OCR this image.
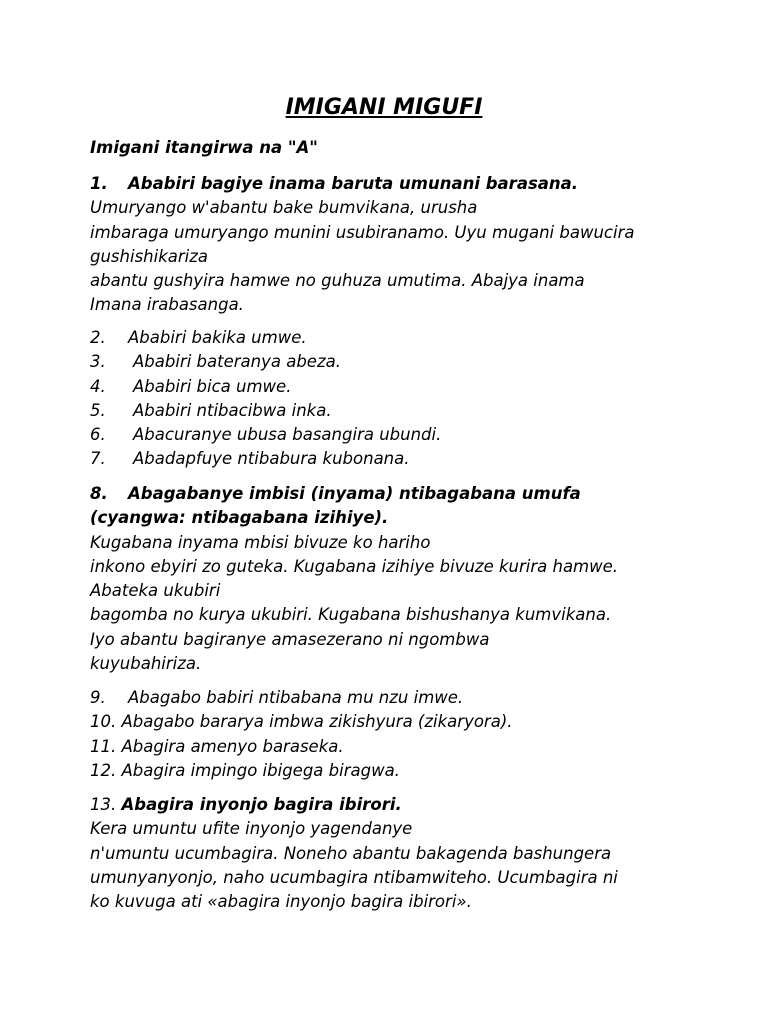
IMIGANI MIGUFI

Imigani itangirwa na "A"

1. Ababiri bagiye inama baruta umunani barasana.
Umuryango w'abantu bake bumvikana, urusha
imbaraga umuryango munini usubiranamo. Uyu mugani bawucira
gushishikariza
abantu gushyira hamwe no guhuza umutima. Abajya inama
Imana irabasanga.
2. Ababiri bakika umwe.
3. Ababiri bateranya abeza.
4. Ababiri bica umwe.
5. Ababiri ntibacibwa inka.
6. Abacuranye ubusa basangira ubundi.
7. Abadapfuye ntibabura kubonana.
8. Abagabanye imbisi (inyama) ntibagabana umufa
(cyangwa: ntibagabana izihiye).
Kugabana inyama mbisi bivuze ko hariho
inkono ebyiri zo guteka. Kugabana izihiye bivuze kurira hamwe.
Abateka ukubiri
bagomba no kurya ukubiri. Kugabana bishushanya kumvikana.
Iyo abantu bagiranye amasezerano ni ngombwa
kuyubahiriza.
9. Abagabo babiri ntibabana mu nzu imwe.
10. Abagabo bararya imbwa zikishyura (zikaryora).
11. Abagira amenyo baraseka.
12. Abagira impingo ibigega biragwa.
13. Abagira inyonjo bagira ibirori.
Kera umuntu ufite inyonjo yagendanye
n'umuntu ucumbagira. Noneho abantu bakagenda bashungera
umunyanyonjo, naho ucumbagira ntibamwiteho. Ucumbagira ni
ko kuvuga ati «abagira inyonjo bagira ibirori».
